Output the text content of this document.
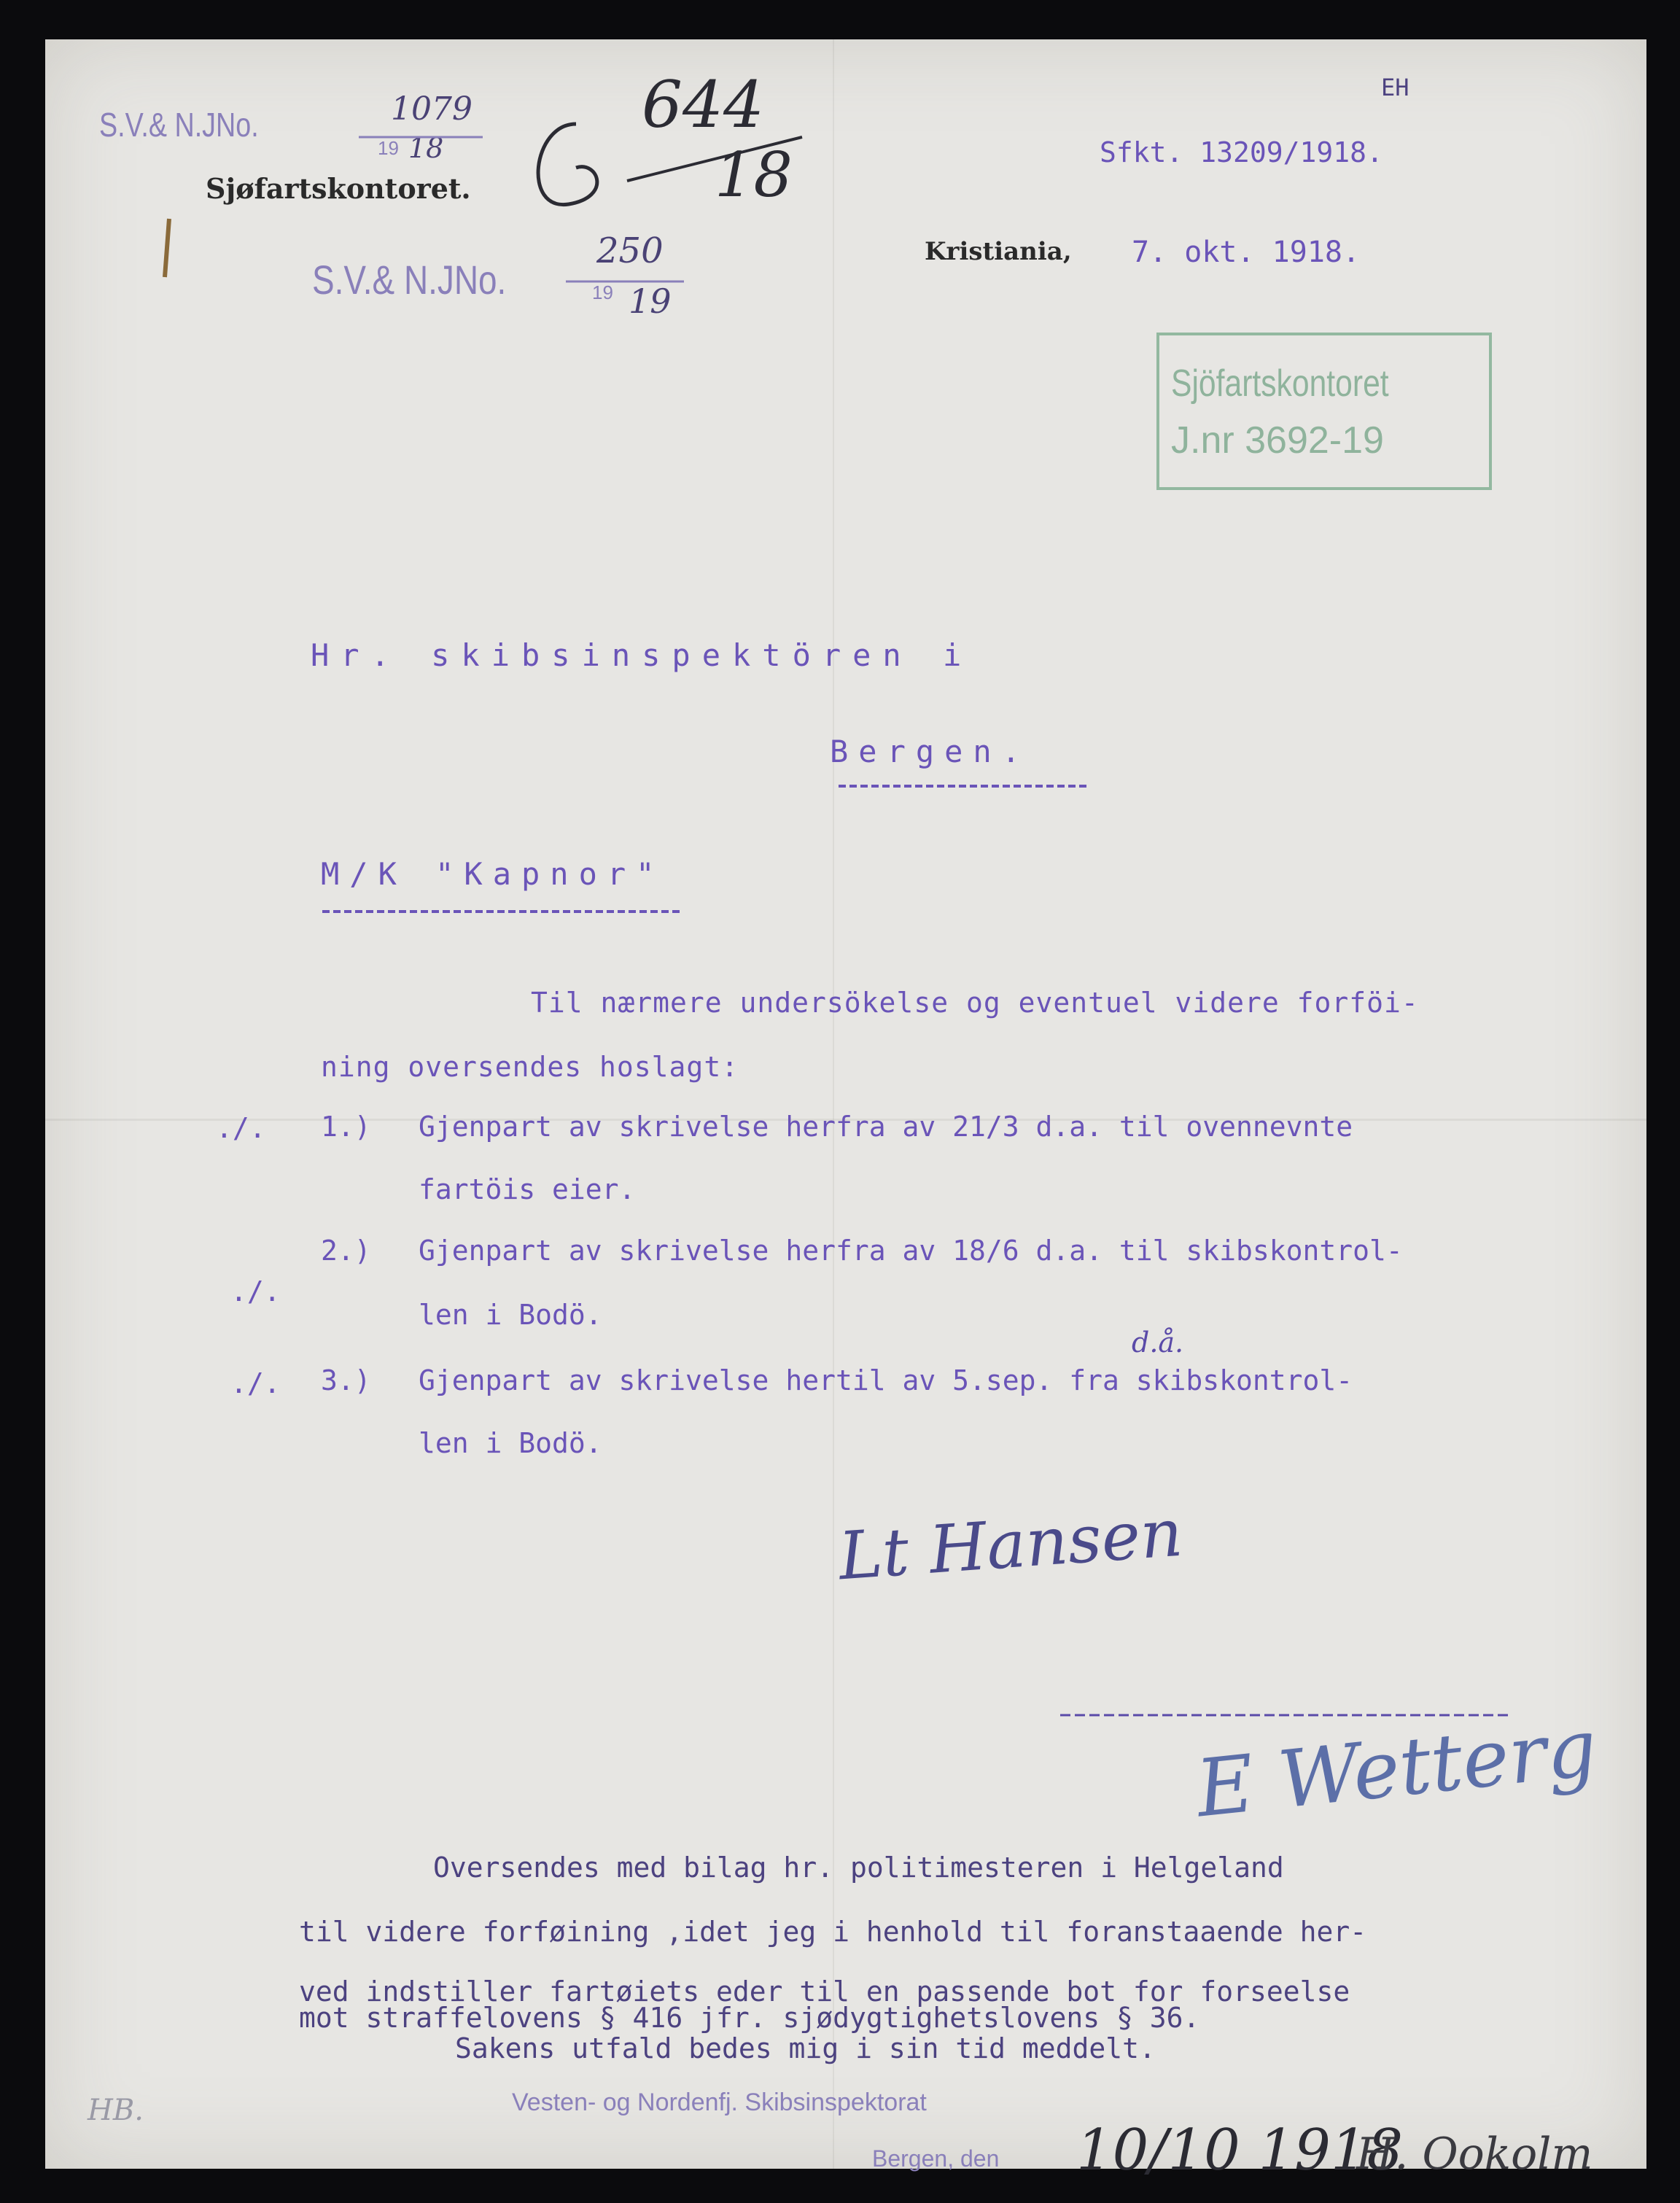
EH
S.V.& N.JNo.	1079
19 18
Sjøfartskontoret.
644
18
S.V.& N.JNo.
250
19 19
Sfkt. 13209/1918.
Kristiania, 7. okt. 1918.
Sjöfartskontoret
J.nr 3692-19
Hr. skibsinspektören i
Bergen.
M/K "Kapnor"
Til nærmere undersökelse og eventuel videre forföi-
ning oversendes hoslagt:
./. 1.) Gjenpart av skrivelse herfra av 21/3 d.a. til ovennevnte
fartöis eier.
./.
2.) Gjenpart av skrivelse herfra av 18/6 d.a. til skibskontrol-
len i Bodö.
d.å.
./. 3.) Gjenpart av skrivelse hertil av 5.sep. fra skibskontrol-
len i Bodö.
Lt Hansen
E Wetterg
Oversendes med bilag hr. politimesteren i Helgeland
til videre forføining ,idet jeg i henhold til foranstaaende her-
ved indstiller fartøiets eder til en passende bot for forseelse
mot straffelovens § 416 jfr. sjødygtighetslovens § 36.
Sakens utfald bedes mig i sin tid meddelt.
Vesten- og Nordenfj. Skibsinspektorat
Bergen, den 10/10 1918
H. Ookolm
HB.
